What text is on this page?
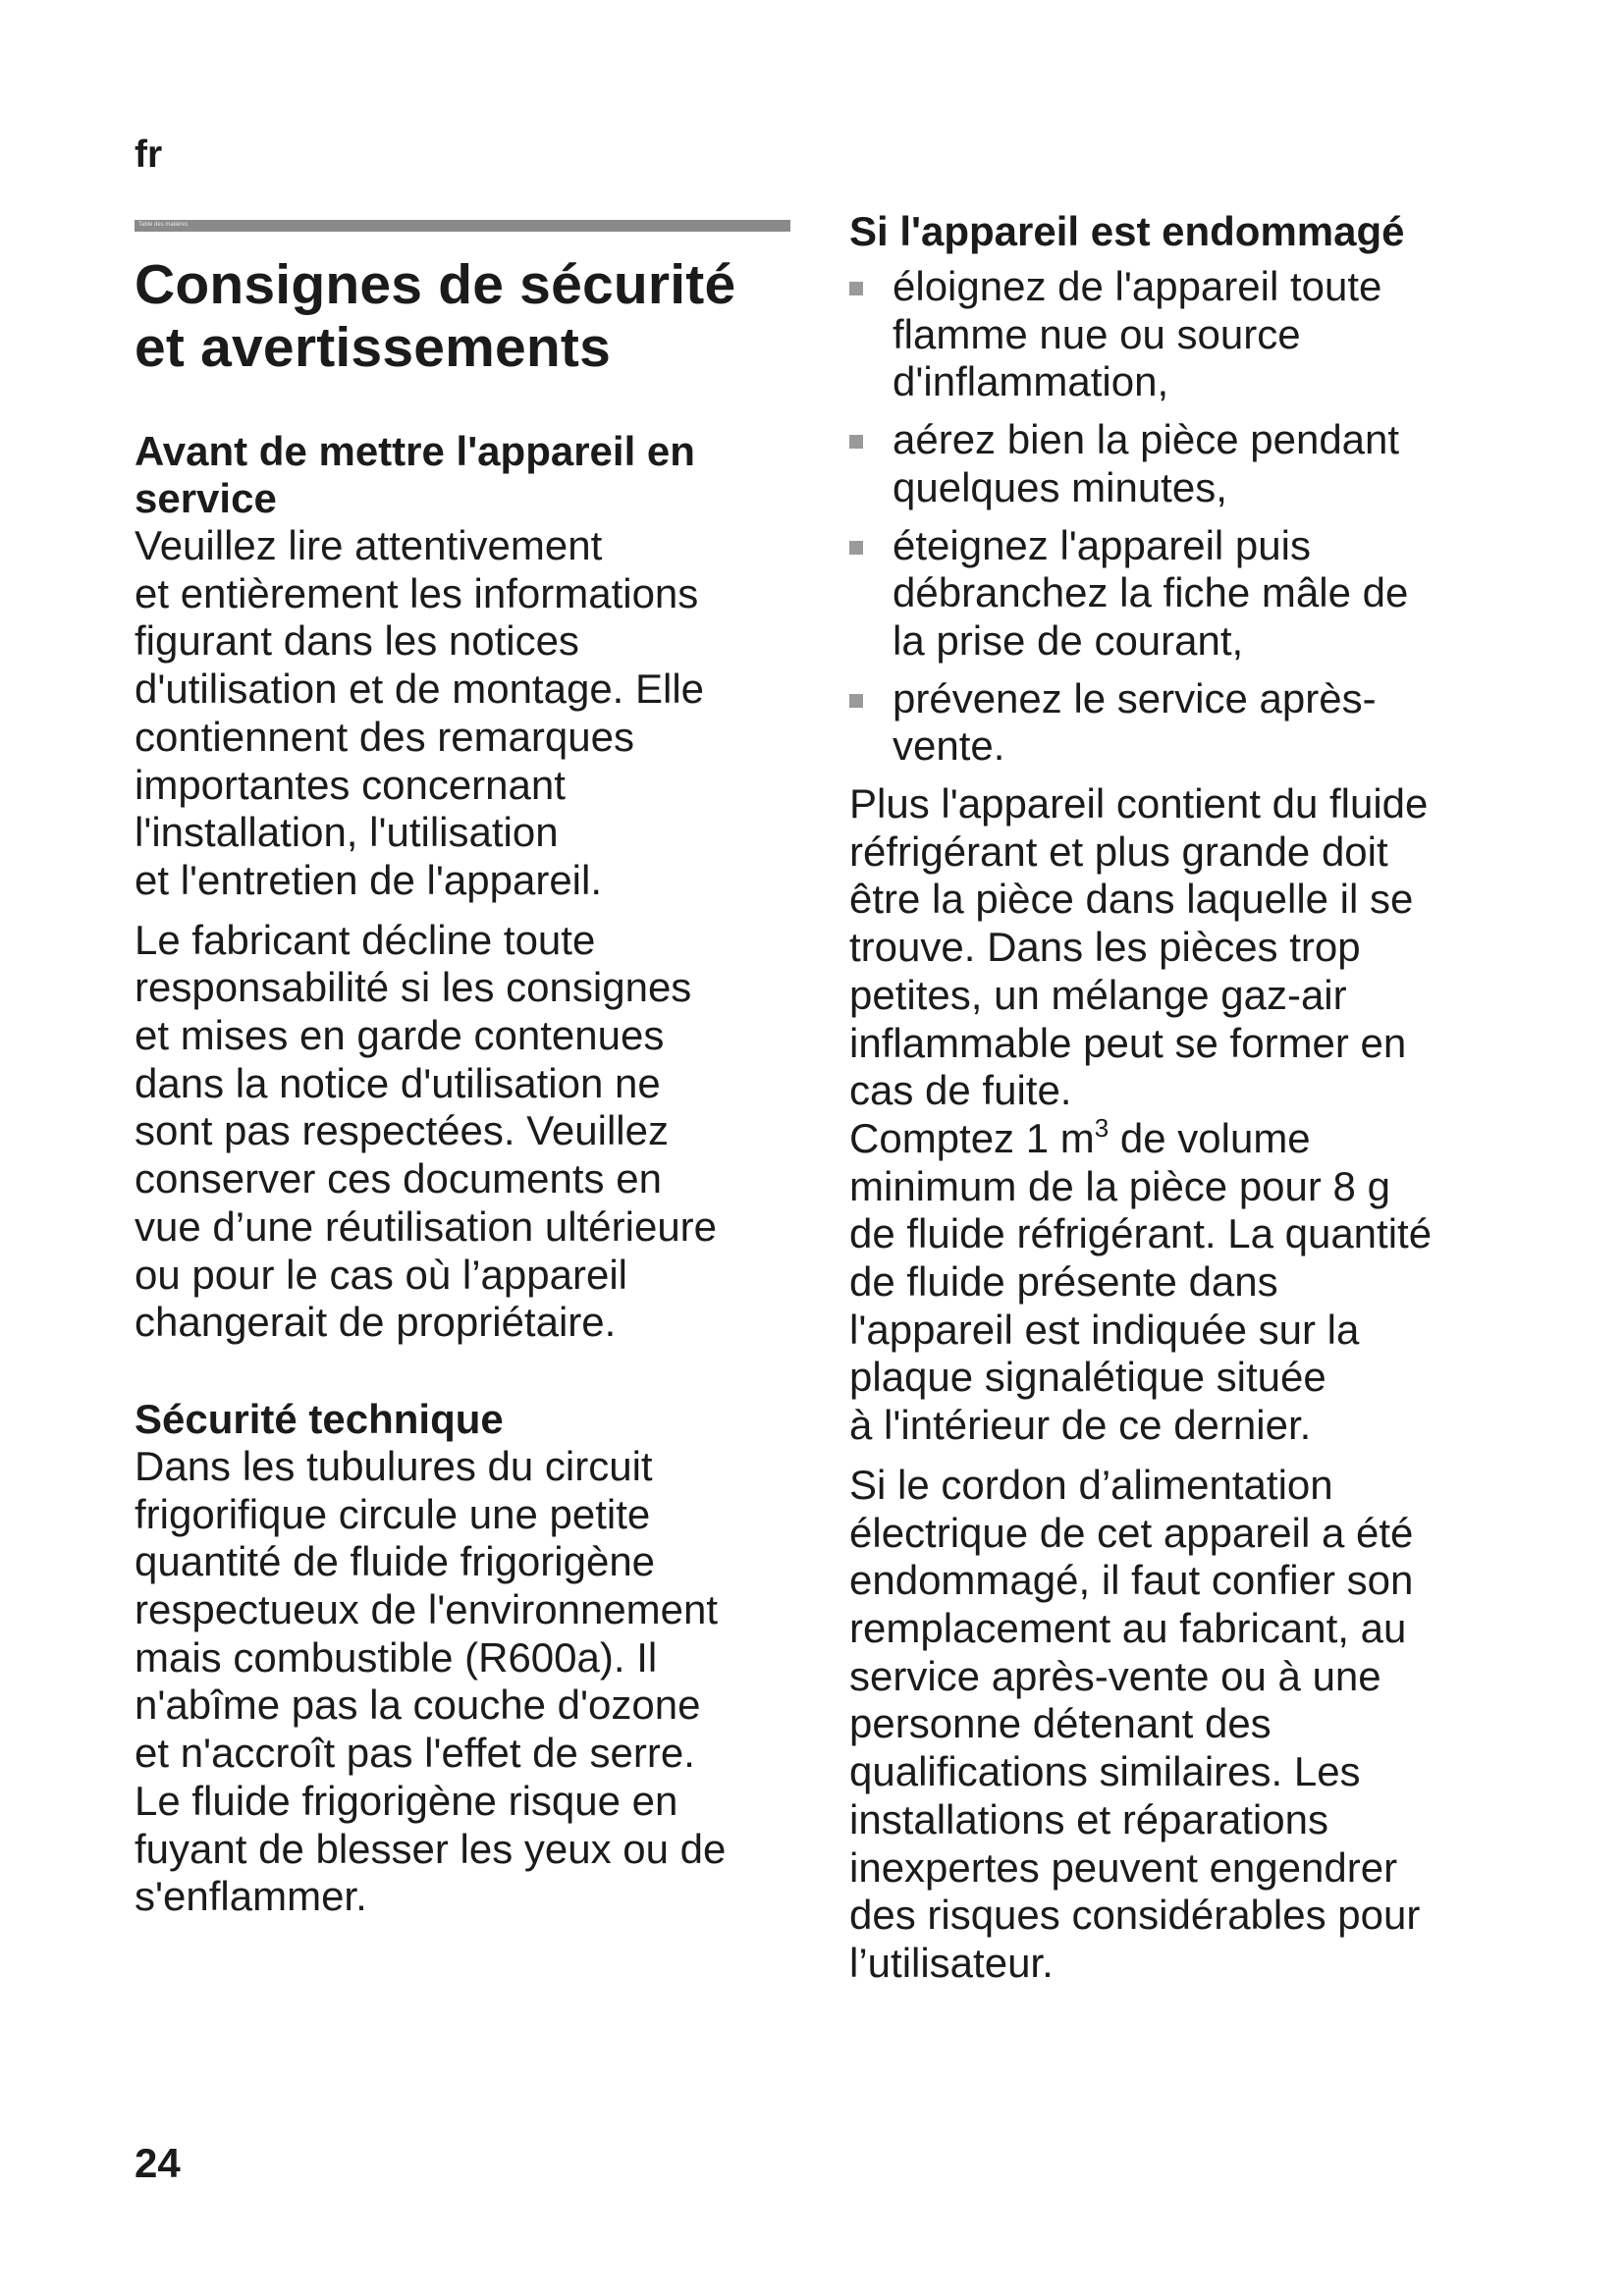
fr

Table des matières
Consignes de sécurité
et avertissements
Avant de mettre l'appareil en
service

Veuillez lire attentivement
et entièrement les informations
figurant dans les notices
d'utilisation et de montage. Elle
contiennent des remarques
importantes concernant
l'installation, l'utilisation
et l'entretien de l'appareil.

Le fabricant décline toute
responsabilité si les consignes
et mises en garde contenues
dans la notice d'utilisation ne
sont pas respectées. Veuillez
conserver ces documents en
vue d’une réutilisation ultérieure
ou pour le cas où l’appareil
changerait de propriétaire.

Sécurité technique

Dans les tubulures du circuit
frigorifique circule une petite
quantité de fluide frigorigène
respectueux de l'environnement
mais combustible (R600a). Il
n'abîme pas la couche d'ozone
et n'accroît pas l'effet de serre.
Le fluide frigorigène risque en
fuyant de blesser les yeux ou de
s'enflammer.

Si l'appareil est endommagé
éloignez de l'appareil toute
flamme nue ou source
d'inflammation,
aérez bien la pièce pendant
quelques minutes,
éteignez l'appareil puis
débranchez la fiche mâle de
la prise de courant,
prévenez le service après-
vente.

Plus l'appareil contient du fluide
réfrigérant et plus grande doit
être la pièce dans laquelle il se
trouve. Dans les pièces trop
petites, un mélange gaz-air
inflammable peut se former en
cas de fuite.

Comptez 1 $m^3$ de volume
minimum de la pièce pour 8 g
de fluide réfrigérant. La quantité
de fluide présente dans
l'appareil est indiquée sur la
plaque signalétique située
à l'intérieur de ce dernier.

Si le cordon d’alimentation
électrique de cet appareil a été
endommagé, il faut confier son
remplacement au fabricant, au
service après-vente ou à une
personne détenant des
qualifications similaires. Les
installations et réparations
inexpertes peuvent engendrer
des risques considérables pour
l’utilisateur.

24
